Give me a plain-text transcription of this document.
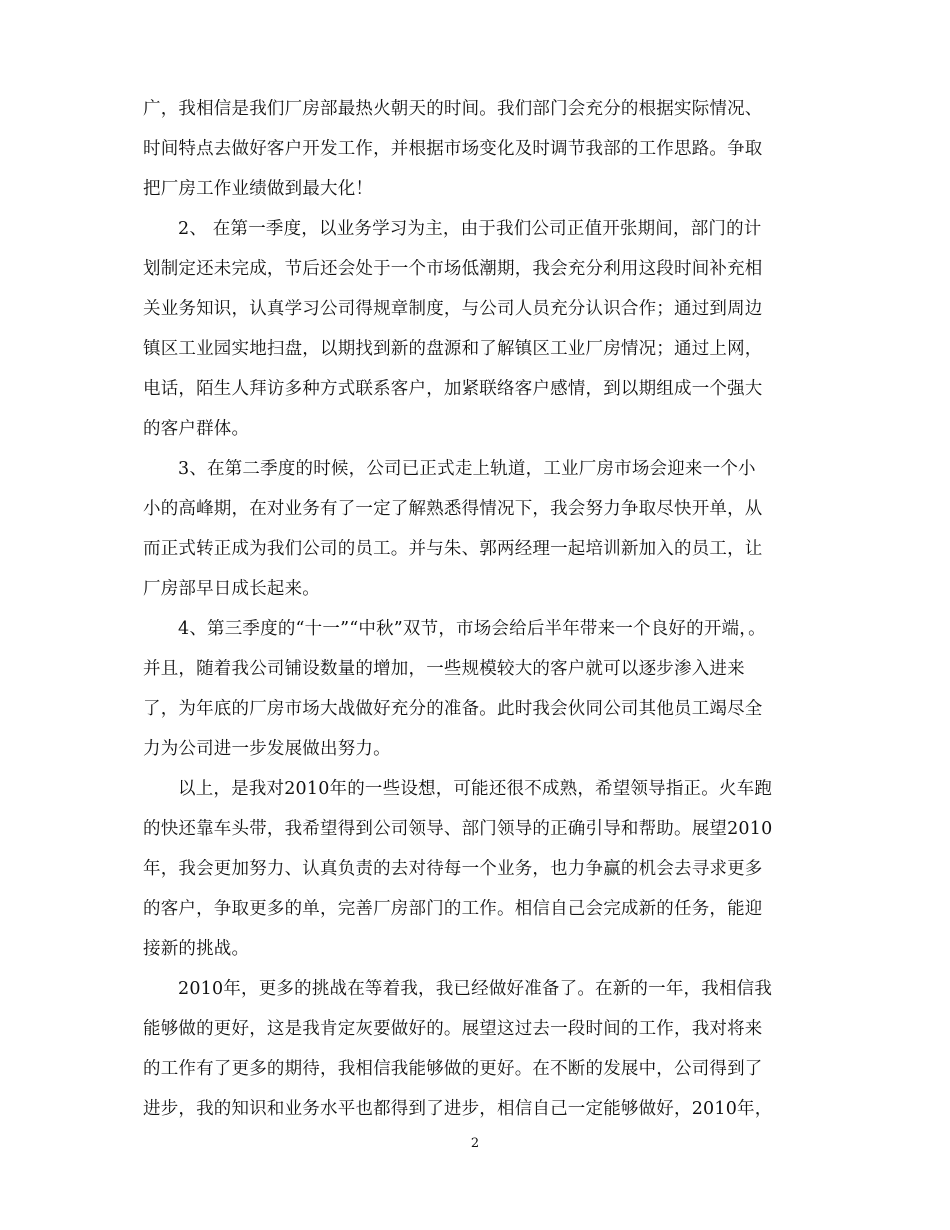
广，我相信是我们厂房部最热火朝天的时间。我们部门会充分的根据实际情况、
时间特点去做好客户开发工作，并根据市场变化及时调节我部的工作思路。争取
把厂房工作业绩做到最大化！
2、 在第一季度，以业务学习为主，由于我们公司正值开张期间，部门的计
划制定还未完成，节后还会处于一个市场低潮期，我会充分利用这段时间补充相
关业务知识，认真学习公司得规章制度，与公司人员充分认识合作；通过到周边
镇区工业园实地扫盘，以期找到新的盘源和了解镇区工业厂房情况；通过上网，
电话，陌生人拜访多种方式联系客户，加紧联络客户感情，到以期组成一个强大
的客户群体。
3、在第二季度的时候，公司已正式走上轨道，工业厂房市场会迎来一个小
小的高峰期，在对业务有了一定了解熟悉得情况下，我会努力争取尽快开单，从
而正式转正成为我们公司的员工。并与朱、郭两经理一起培训新加入的员工，让
厂房部早日成长起来。
4、第三季度的“十一”“中秋”双节，市场会给后半年带来一个良好的开端，。
并且，随着我公司铺设数量的增加，一些规模较大的客户就可以逐步渗入进来
了，为年底的厂房市场大战做好充分的准备。此时我会伙同公司其他员工竭尽全
力为公司进一步发展做出努力。
以上，是我对2010年的一些设想，可能还很不成熟，希望领导指正。火车跑
的快还靠车头带，我希望得到公司领导、部门领导的正确引导和帮助。展望2010
年，我会更加努力、认真负责的去对待每一个业务，也力争赢的机会去寻求更多
的客户，争取更多的单，完善厂房部门的工作。相信自己会完成新的任务，能迎
接新的挑战。
2010年，更多的挑战在等着我，我已经做好准备了。在新的一年，我相信我
能够做的更好，这是我肯定灰要做好的。展望这过去一段时间的工作，我对将来
的工作有了更多的期待，我相信我能够做的更好。在不断的发展中，公司得到了
进步，我的知识和业务水平也都得到了进步，相信自己一定能够做好，2010年，
2
